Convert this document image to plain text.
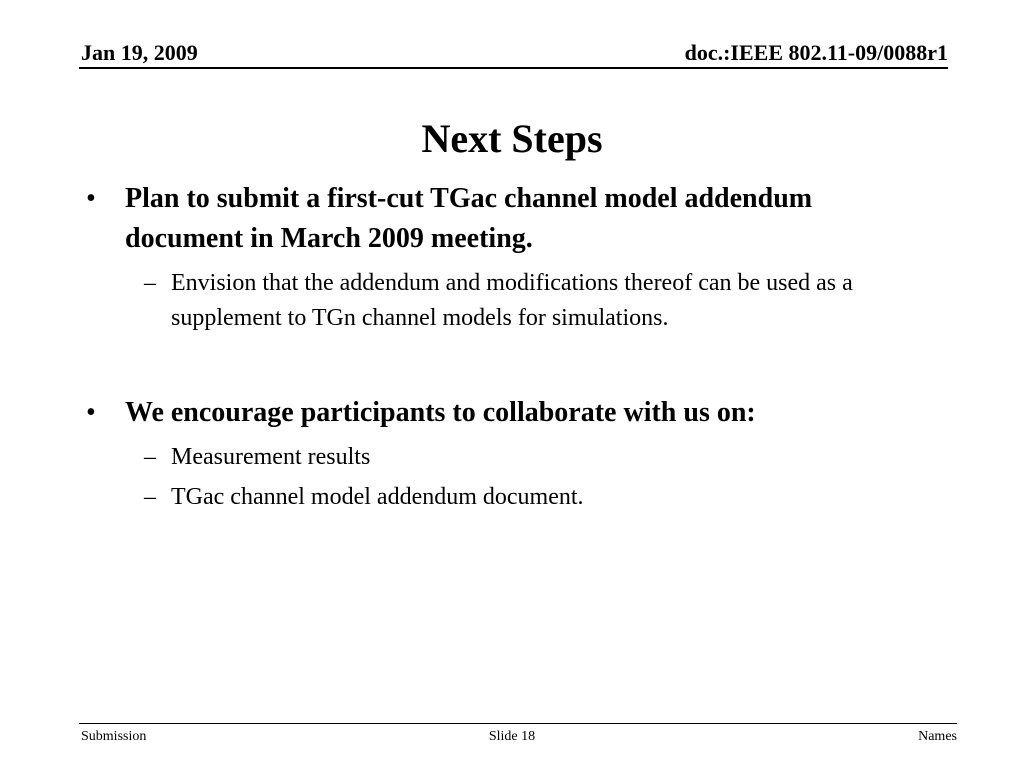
Jan 19, 2009	doc.:IEEE 802.11-09/0088r1
Next Steps
•	Plan to submit a first-cut TGac channel model addendum document in March 2009 meeting.
– Envision that the addendum and modifications thereof can be used as a supplement to TGn channel models for simulations.
•	We encourage participants to collaborate with us on:
– Measurement results
– TGac channel model addendum document.
Submission	Slide 18	Names
